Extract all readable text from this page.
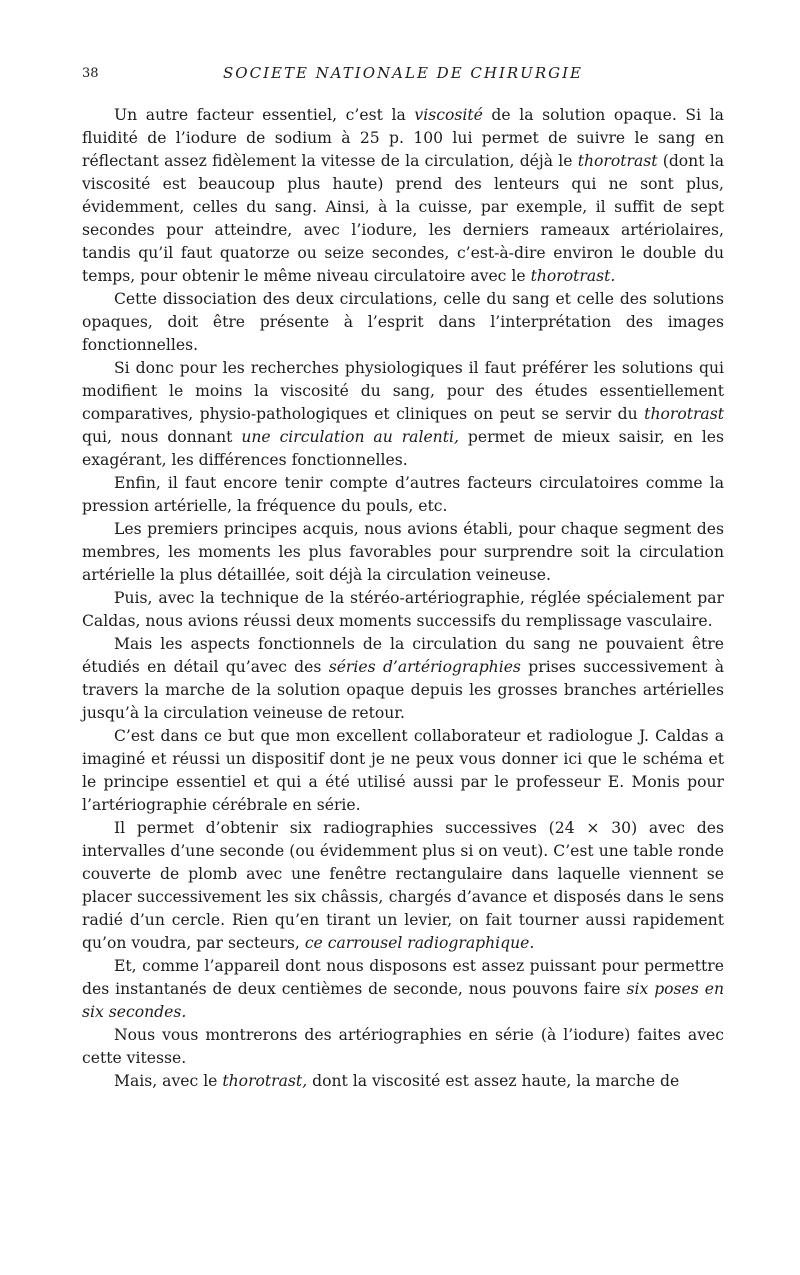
38	SOCIETE NATIONALE DE CHIRURGIE

Un autre facteur essentiel, c’est la viscosité de la solution opaque. Si la fluidité de l’iodure de sodium à 25 p. 100 lui permet de suivre le sang en réflectant assez fidèlement la vitesse de la circulation, déjà le thorotrast (dont la viscosité est beaucoup plus haute) prend des lenteurs qui ne sont plus, évidemment, celles du sang. Ainsi, à la cuisse, par exemple, il suffit de sept secondes pour atteindre, avec l’iodure, les derniers rameaux artériolaires, tandis qu’il faut quatorze ou seize secondes, c’est-à-dire environ le double du temps, pour obtenir le même niveau circulatoire avec le thorotrast.

Cette dissociation des deux circulations, celle du sang et celle des solutions opaques, doit être présente à l’esprit dans l’interprétation des images fonctionnelles.

Si donc pour les recherches physiologiques il faut préférer les solutions qui modifient le moins la viscosité du sang, pour des études essentiellement comparatives, physio-pathologiques et cliniques on peut se servir du thorotrast qui, nous donnant une circulation au ralenti, permet de mieux saisir, en les exagérant, les différences fonctionnelles.

Enfin, il faut encore tenir compte d’autres facteurs circulatoires comme la pression artérielle, la fréquence du pouls, etc.

Les premiers principes acquis, nous avions établi, pour chaque segment des membres, les moments les plus favorables pour surprendre soit la circulation artérielle la plus détaillée, soit déjà la circulation veineuse.

Puis, avec la technique de la stéréo-artériographie, réglée spécialement par Caldas, nous avions réussi deux moments successifs du remplissage vasculaire.

Mais les aspects fonctionnels de la circulation du sang ne pouvaient être étudiés en détail qu’avec des séries d’artériographies prises successivement à travers la marche de la solution opaque depuis les grosses branches artérielles jusqu’à la circulation veineuse de retour.

C’est dans ce but que mon excellent collaborateur et radiologue J. Caldas a imaginé et réussi un dispositif dont je ne peux vous donner ici que le schéma et le principe essentiel et qui a été utilisé aussi par le professeur E. Monis pour l’artériographie cérébrale en série.

Il permet d’obtenir six radiographies successives (24 × 30) avec des intervalles d’une seconde (ou évidemment plus si on veut). C’est une table ronde couverte de plomb avec une fenêtre rectangulaire dans laquelle viennent se placer successivement les six châssis, chargés d’avance et disposés dans le sens radié d’un cercle. Rien qu’en tirant un levier, on fait tourner aussi rapidement qu’on voudra, par secteurs, ce carrousel radiographique.

Et, comme l’appareil dont nous disposons est assez puissant pour permettre des instantanés de deux centièmes de seconde, nous pouvons faire six poses en six secondes.

Nous vous montrerons des artériographies en série (à l’iodure) faites avec cette vitesse.

Mais, avec le thorotrast, dont la viscosité est assez haute, la marche de
